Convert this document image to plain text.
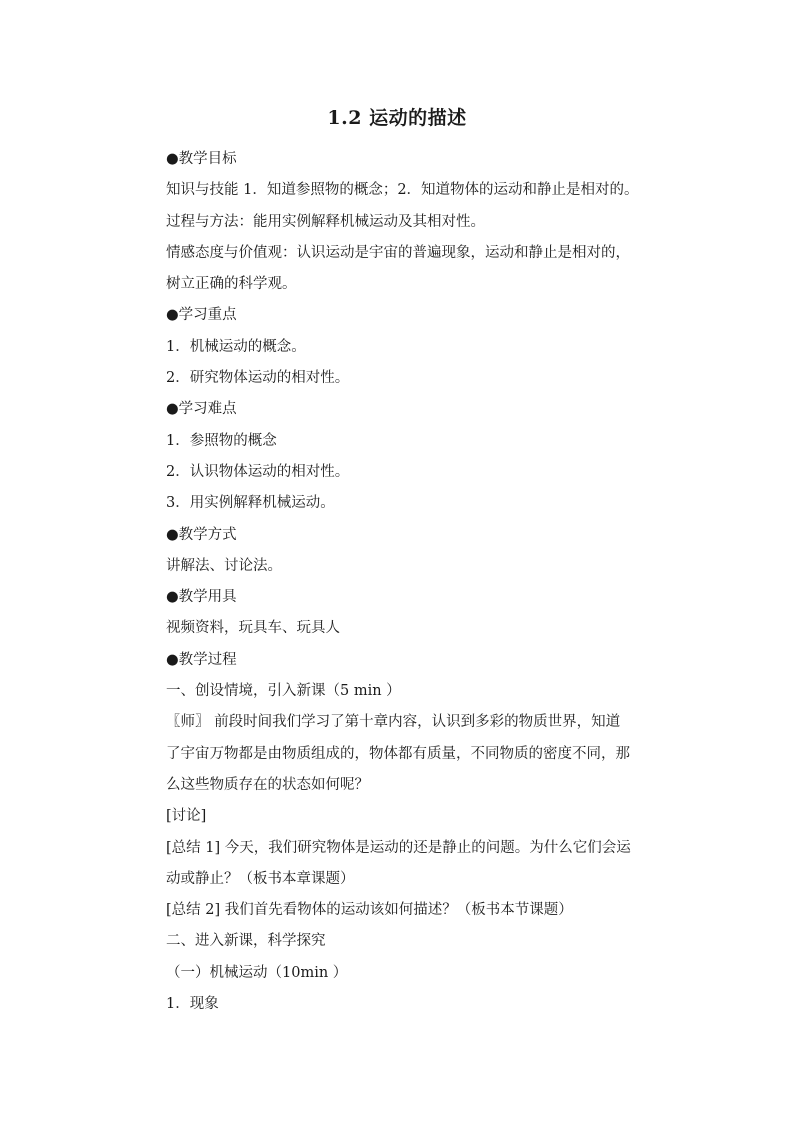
1.2 运动的描述
●教学目标
知识与技能 1．知道参照物的概念；2．知道物体的运动和静止是相对的。
过程与方法：能用实例解释机械运动及其相对性。
情感态度与价值观：认识运动是宇宙的普遍现象，运动和静止是相对的，
树立正确的科学观。
●学习重点
1．机械运动的概念。
2．研究物体运动的相对性。
●学习难点
1．参照物的概念
2．认识物体运动的相对性。
3．用实例解释机械运动。
●教学方式
讲解法、讨论法。
●教学用具
视频资料，玩具车、玩具人
●教学过程
一、创设情境，引入新课（5 min ）
〖师〗 前段时间我们学习了第十章内容，认识到多彩的物质世界，知道
了宇宙万物都是由物质组成的，物体都有质量，不同物质的密度不同，那
么这些物质存在的状态如何呢？
[讨论]
[总结 1] 今天，我们研究物体是运动的还是静止的问题。为什么它们会运
动或静止？（板书本章课题）
[总结 2] 我们首先看物体的运动该如何描述？（板书本节课题）
二、进入新课，科学探究
（一）机械运动（10min ）
1．现象
